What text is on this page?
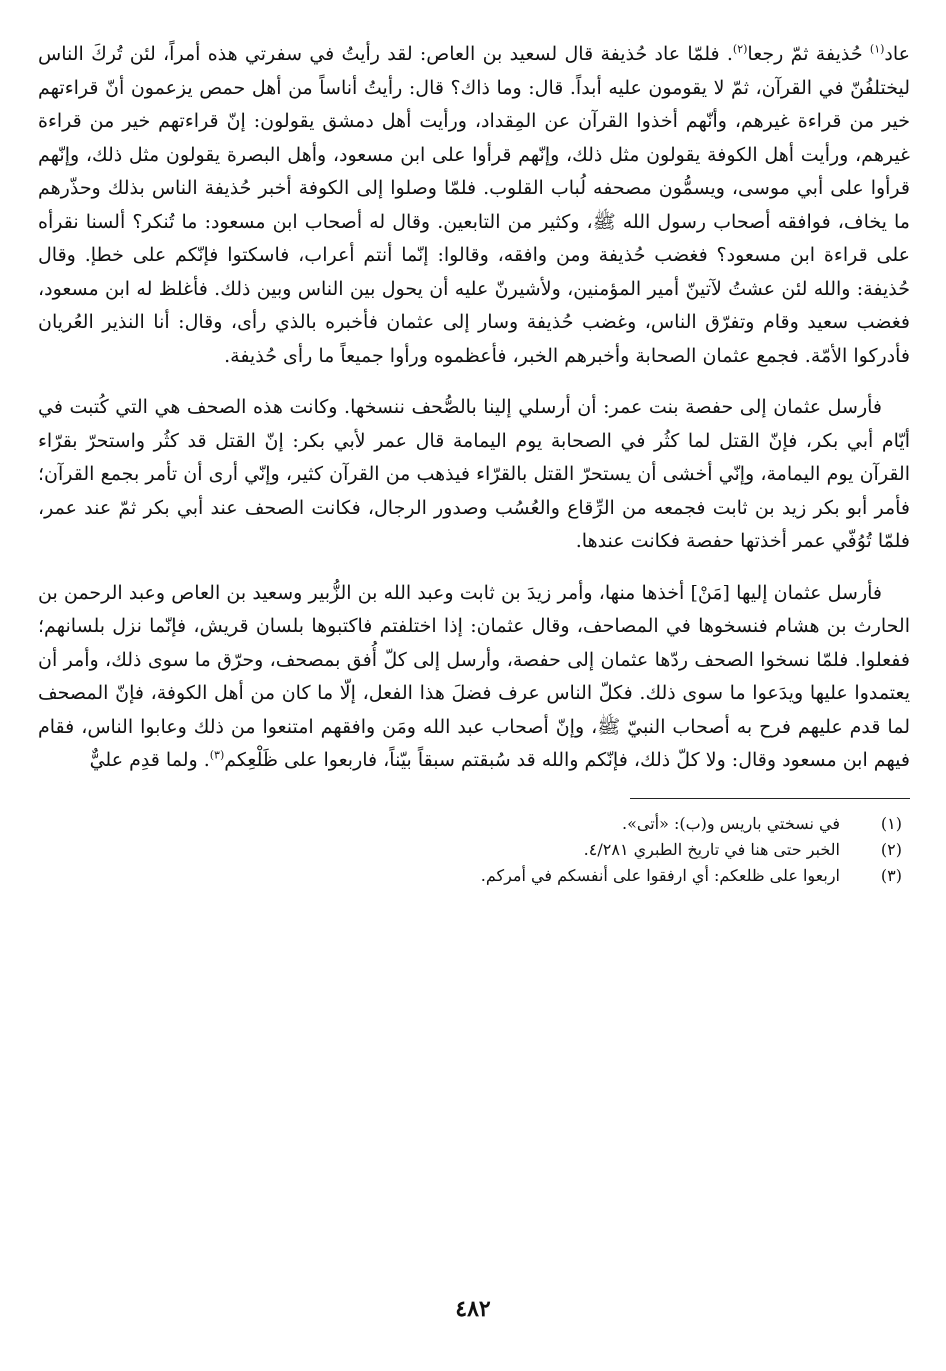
عاد$^{(١)}$ حُذيفة ثمّ رجعا$^{(٢)}$. فلمّا عاد حُذيفة قال لسعيد بن العاص: لقد رأيتُ في سفرتي هذه أمراً، لئن تُركَ الناس ليختلفُنّ في القرآن، ثمّ لا يقومون عليه أبداً. قال: وما ذاك؟ قال: رأيتُ أناساً من أهل حمص يزعمون أنّ قراءتهم خير من قراءة غيرهم، وأنّهم أخذوا القرآن عن المِقداد، ورأيت أهل دمشق يقولون: إنّ قراءتهم خير من قراءة غيرهم، ورأيت أهل الكوفة يقولون مثل ذلك، وإنّهم قرأوا على ابن مسعود، وأهل البصرة يقولون مثل ذلك، وإنّهم قرأوا على أبي موسى، ويسمُّون مصحفه لُباب القلوب. فلمّا وصلوا إلى الكوفة أخبر حُذيفة الناس بذلك وحذّرهم ما يخاف، فوافقه أصحاب رسول الله ﷺ، وكثير من التابعين. وقال له أصحاب ابن مسعود: ما تُنكر؟ ألسنا نقرأه على قراءة ابن مسعود؟ فغضب حُذيفة ومن وافقه، وقالوا: إنّما أنتم أعراب، فاسكتوا فإنّكم على خطإ. وقال حُذيفة: والله لئن عشتُ لآتينّ أمير المؤمنين، ولأشيرنّ عليه أن يحول بين الناس وبين ذلك. فأغلظ له ابن مسعود، فغضب سعيد وقام وتفرّق الناس، وغضب حُذيفة وسار إلى عثمان فأخبره بالذي رأى، وقال: أنا النذير العُريان فأدركوا الأمّة. فجمع عثمان الصحابة وأخبرهم الخبر، فأعظموه ورأوا جميعاً ما رأى حُذيفة.

فأرسل عثمان إلى حفصة بنت عمر: أن أرسلي إلينا بالصُّحف ننسخها. وكانت هذه الصحف هي التي كُتبت في أيّام أبي بكر، فإنّ القتل لما كثُر في الصحابة يوم اليمامة قال عمر لأبي بكر: إنّ القتل قد كثُر واستحرّ بقرّاء القرآن يوم اليمامة، وإنّي أخشى أن يستحرّ القتل بالقرّاء فيذهب من القرآن كثير، وإنّي أرى أن تأمر بجمع القرآن؛ فأمر أبو بكر زيد بن ثابت فجمعه من الرِّقاع والعُسُب وصدور الرجال، فكانت الصحف عند أبي بكر ثمّ عند عمر، فلمّا تُوُفّي عمر أخذتها حفصة فكانت عندها.

فأرسل عثمان إليها [مَنْ] أخذها منها، وأمر زيدَ بن ثابت وعبد الله بن الزُّبير وسعيد بن العاص وعبد الرحمن بن الحارث بن هشام فنسخوها في المصاحف، وقال عثمان: إذا اختلفتم فاكتبوها بلسان قريش، فإنّما نزل بلسانهم؛ ففعلوا. فلمّا نسخوا الصحف ردّها عثمان إلى حفصة، وأرسل إلى كلّ أُفق بمصحف، وحرّق ما سوى ذلك، وأمر أن يعتمدوا عليها ويدَعوا ما سوى ذلك. فكلّ الناس عرف فضلَ هذا الفعل، إلّا ما كان من أهل الكوفة، فإنّ المصحف لما قدم عليهم فرح به أصحاب النبيّ ﷺ، وإنّ أصحاب عبد الله ومَن وافقهم امتنعوا من ذلك وعابوا الناس، فقام فيهم ابن مسعود وقال: ولا كلّ ذلك، فإنّكم والله قد سُبقتم سبقاً بيّناً، فاربعوا على ظَلْعِكم$^{(٣)}$. ولما قدِم عليٌّ

(١)
في نسختي باريس و(ب): «أتى».
(٢)
الخبر حتى هنا في تاريخ الطبري ٤/٢٨١.
(٣)
اربعوا على ظلعكم: أي ارفقوا على أنفسكم في أمركم.
٤٨٢
